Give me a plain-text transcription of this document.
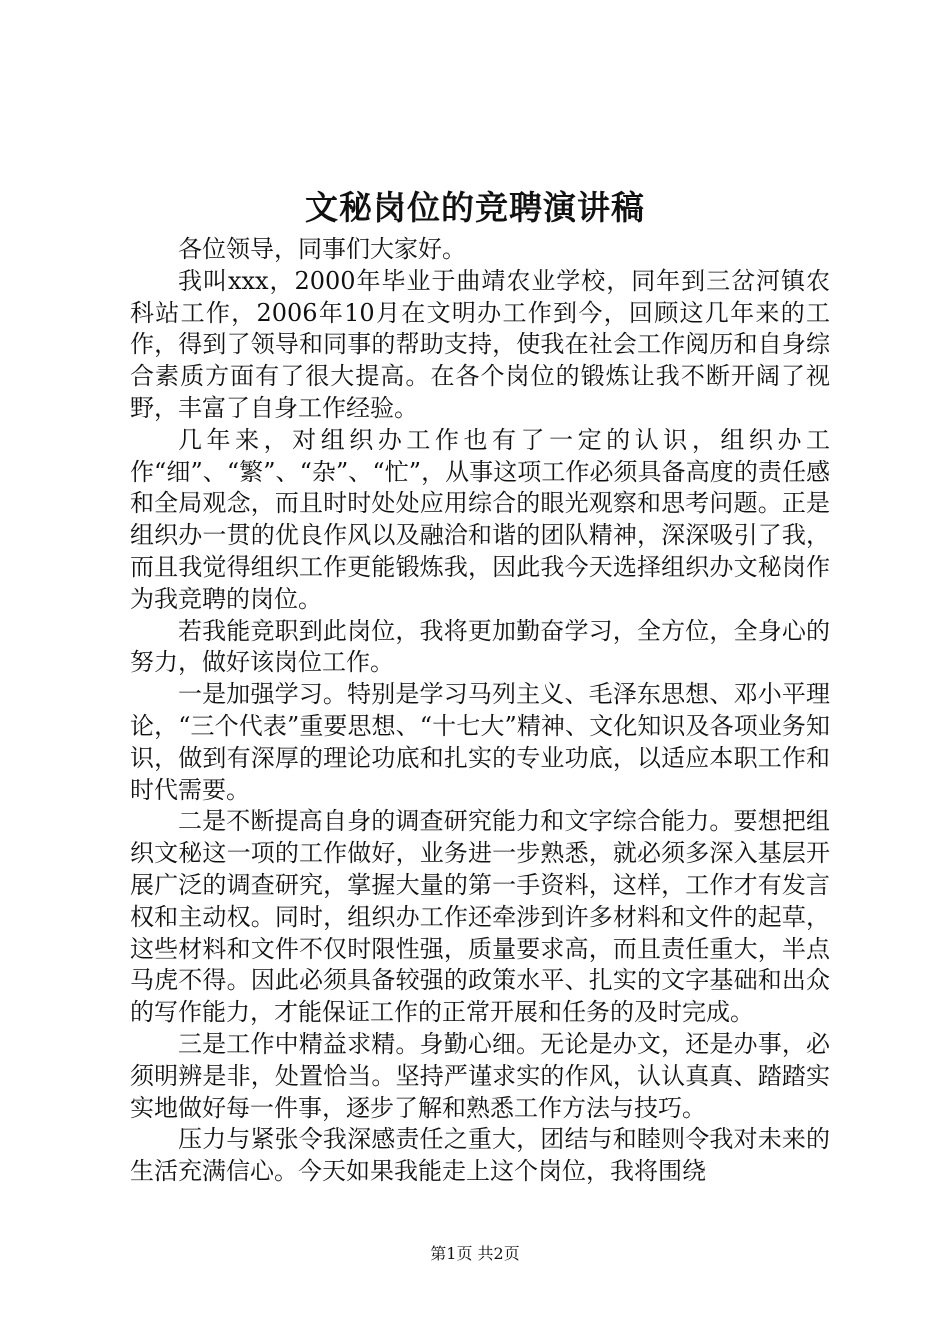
文秘岗位的竞聘演讲稿

各位领导，同事们大家好。

我叫xxx，2000年毕业于曲靖农业学校，同年到三岔河镇农科站工作，2006年10月在文明办工作到今，回顾这几年来的工作，得到了领导和同事的帮助支持，使我在社会工作阅历和自身综合素质方面有了很大提高。在各个岗位的锻炼让我不断开阔了视野，丰富了自身工作经验。

几年来，对组织办工作也有了一定的认识，组织办工作“细”、“繁”、“杂”、“忙”，从事这项工作必须具备高度的责任感和全局观念，而且时时处处应用综合的眼光观察和思考问题。正是组织办一贯的优良作风以及融洽和谐的团队精神，深深吸引了我，而且我觉得组织工作更能锻炼我，因此我今天选择组织办文秘岗作为我竞聘的岗位。

若我能竞职到此岗位，我将更加勤奋学习，全方位，全身心的努力，做好该岗位工作。

一是加强学习。特别是学习马列主义、毛泽东思想、邓小平理论，“三个代表”重要思想、“十七大”精神、文化知识及各项业务知识，做到有深厚的理论功底和扎实的专业功底，以适应本职工作和时代需要。

二是不断提高自身的调查研究能力和文字综合能力。要想把组织文秘这一项的工作做好，业务进一步熟悉，就必须多深入基层开展广泛的调查研究，掌握大量的第一手资料，这样，工作才有发言权和主动权。同时，组织办工作还牵涉到许多材料和文件的起草，这些材料和文件不仅时限性强，质量要求高，而且责任重大，半点马虎不得。因此必须具备较强的政策水平、扎实的文字基础和出众的写作能力，才能保证工作的正常开展和任务的及时完成。

三是工作中精益求精。身勤心细。无论是办文，还是办事，必须明辨是非，处置恰当。坚持严谨求实的作风，认认真真、踏踏实实地做好每一件事，逐步了解和熟悉工作方法与技巧。

压力与紧张令我深感责任之重大，团结与和睦则令我对未来的生活充满信心。今天如果我能走上这个岗位，我将围绕

第1页 共2页
